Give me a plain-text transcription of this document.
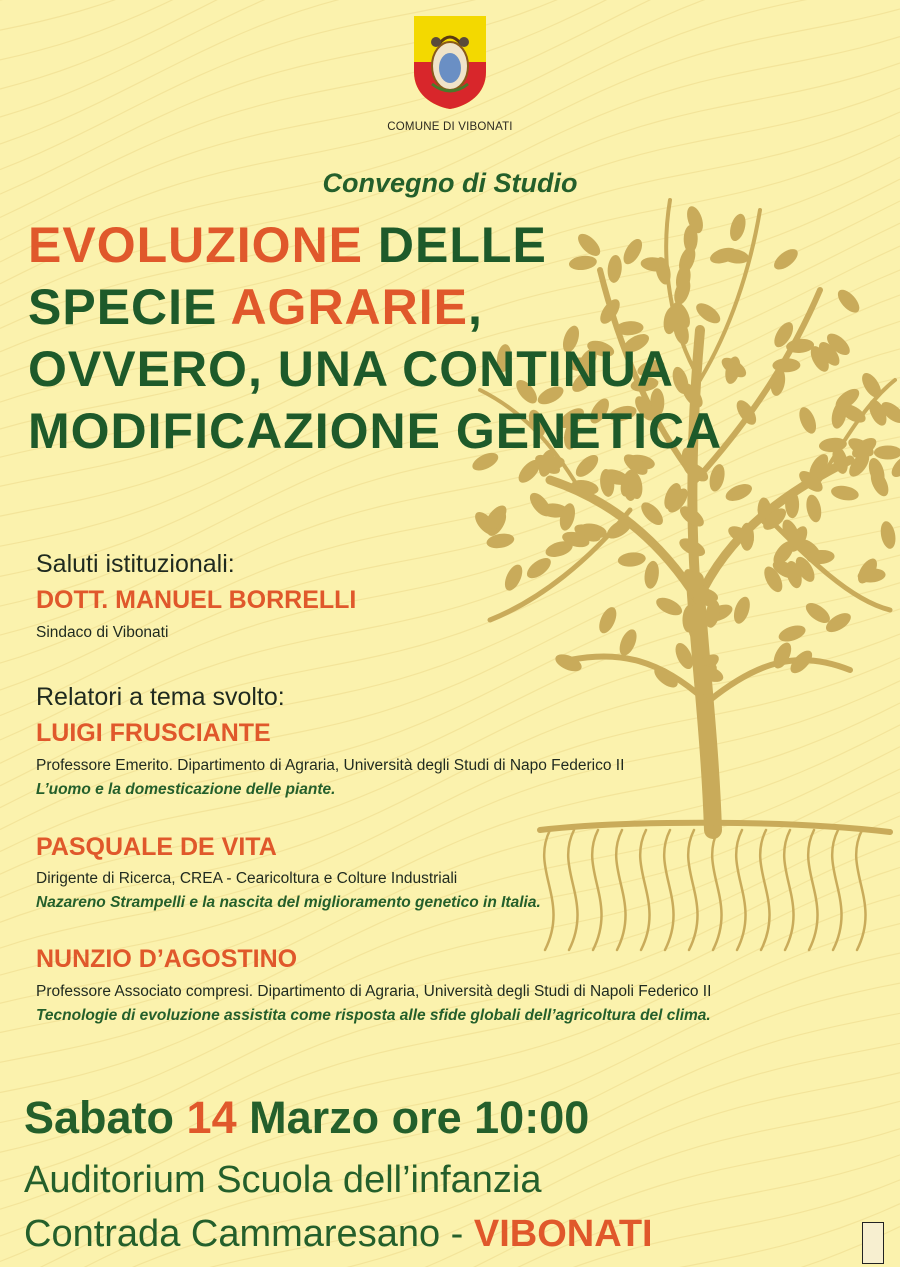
COMUNE DI VIBONATI
Convegno di Studio
EVOLUZIONE DELLE
SPECIE AGRARIE,
OVVERO, UNA CONTINUA
MODIFICAZIONE GENETICA
Saluti istituzionali:
DOTT. MANUEL BORRELLI
Sindaco di Vibonati
Relatori a tema svolto:
LUIGI FRUSCIANTE
Professore Emerito. Dipartimento di Agraria, Università degli Studi di Napo Federico II
L’uomo e la domesticazione delle piante.
PASQUALE DE VITA
Dirigente di Ricerca, CREA - Cearicoltura e Colture Industriali
Nazareno Strampelli e la nascita del miglioramento genetico in Italia.
NUNZIO D’AGOSTINO
Professore Associato compresi. Dipartimento di Agraria, Università degli Studi di Napoli Federico II
Tecnologie di evoluzione assistita come risposta alle sfide globali dell’agricoltura del clima.
Sabato 14 Marzo ore 10:00
Auditorium Scuola dell’infanzia
Contrada Cammaresano - VIBONATI
